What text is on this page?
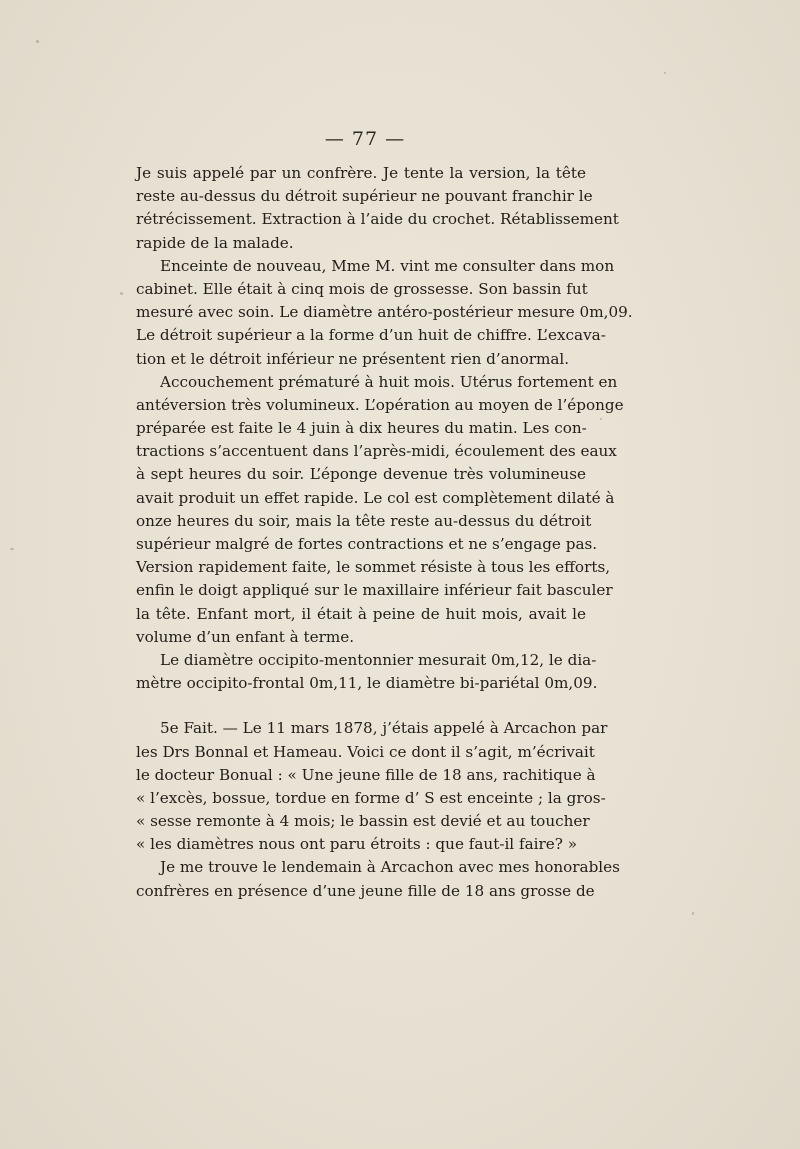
— 77 —
Je suis appelé par un confrère. Je tente la version, la tête
reste au-dessus du détroit supérieur ne pouvant franchir le
rétrécissement. Extraction à l’aide du crochet. Rétablissement
rapide de la malade.
Enceinte de nouveau, Mme M. vint me consulter dans mon
cabinet. Elle était à cinq mois de grossesse. Son bassin fut
mesuré avec soin. Le diamètre antéro-postérieur mesure 0m,09.
Le détroit supérieur a la forme d’un huit de chiffre. L’excava-
tion et le détroit inférieur ne présentent rien d’anormal.
Accouchement prématuré à huit mois. Utérus fortement en
antéversion très volumineux. L’opération au moyen de l’éponge
préparée est faite le 4 juin à dix heures du matin. Les con-
tractions s’accentuent dans l’après-midi, écoulement des eaux
à sept heures du soir. L’éponge devenue très volumineuse
avait produit un effet rapide. Le col est complètement dilaté à
onze heures du soir, mais la tête reste au-dessus du détroit
supérieur malgré de fortes contractions et ne s’engage pas.
Version rapidement faite, le sommet résiste à tous les efforts,
enfin le doigt appliqué sur le maxillaire inférieur fait basculer
la tête. Enfant mort, il était à peine de huit mois, avait le
volume d’un enfant à terme.
Le diamètre occipito-mentonnier mesurait 0m,12, le dia-
mètre occipito-frontal 0m,11, le diamètre bi-pariétal 0m,09.
5e Fait. — Le 11 mars 1878, j’étais appelé à Arcachon par
les Drs Bonnal et Hameau. Voici ce dont il s’agit, m’écrivait
le docteur Bonual : « Une jeune fille de 18 ans, rachitique à
« l’excès, bossue, tordue en forme d’ S est enceinte ; la gros-
« sesse remonte à 4 mois; le bassin est devié et au toucher
« les diamètres nous ont paru étroits : que faut-il faire? »
Je me trouve le lendemain à Arcachon avec mes honorables
confrères en présence d’une jeune fille de 18 ans grosse de
